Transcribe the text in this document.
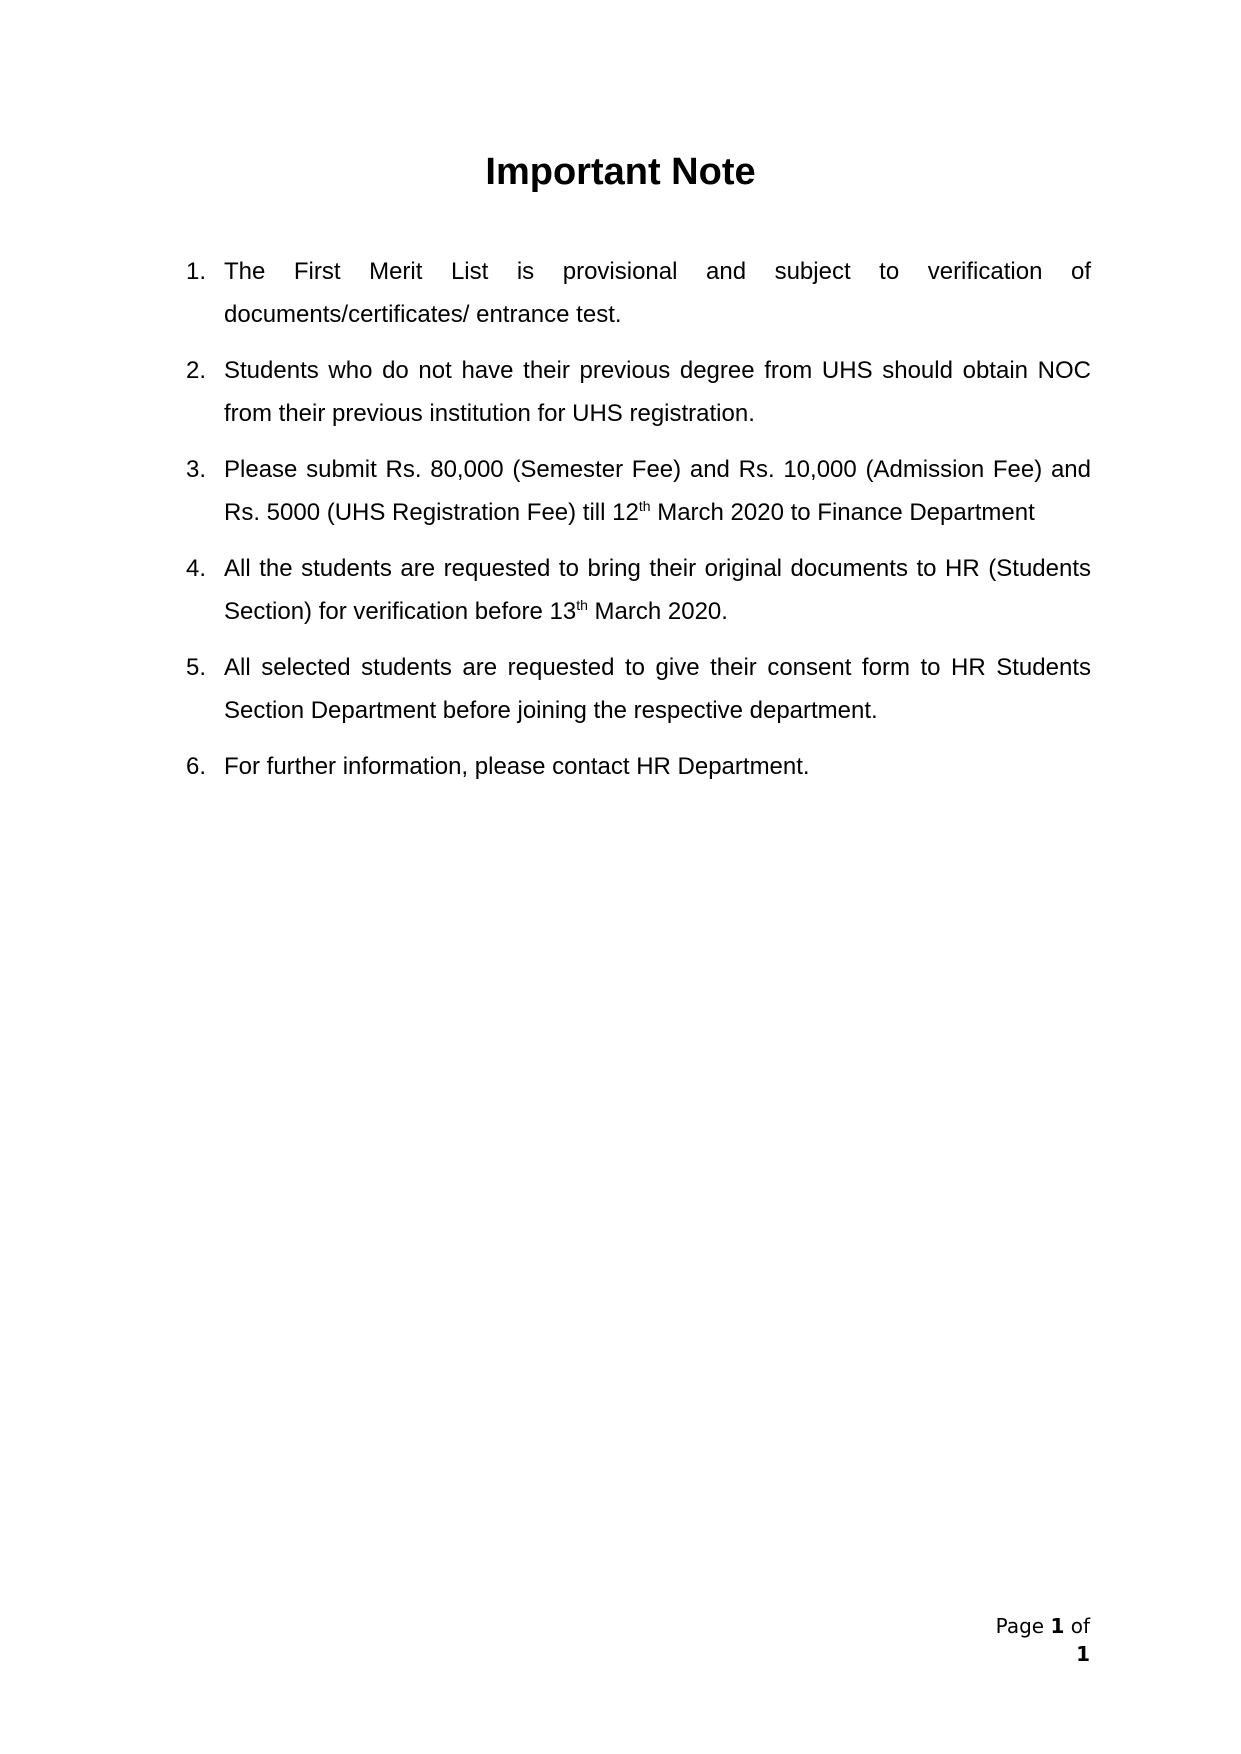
Important Note
1. The First Merit List is provisional and subject to verification of documents/certificates/ entrance test.
2. Students who do not have their previous degree from UHS should obtain NOC from their previous institution for UHS registration.
3. Please submit Rs. 80,000 (Semester Fee) and Rs. 10,000 (Admission Fee) and Rs. 5000 (UHS Registration Fee) till 12th March 2020 to Finance Department
4. All the students are requested to bring their original documents to HR (Students Section) for verification before 13th March 2020.
5. All selected students are requested to give their consent form to HR Students Section Department before joining the respective department.
6. For further information, please contact HR Department.
Page 1 of 1
